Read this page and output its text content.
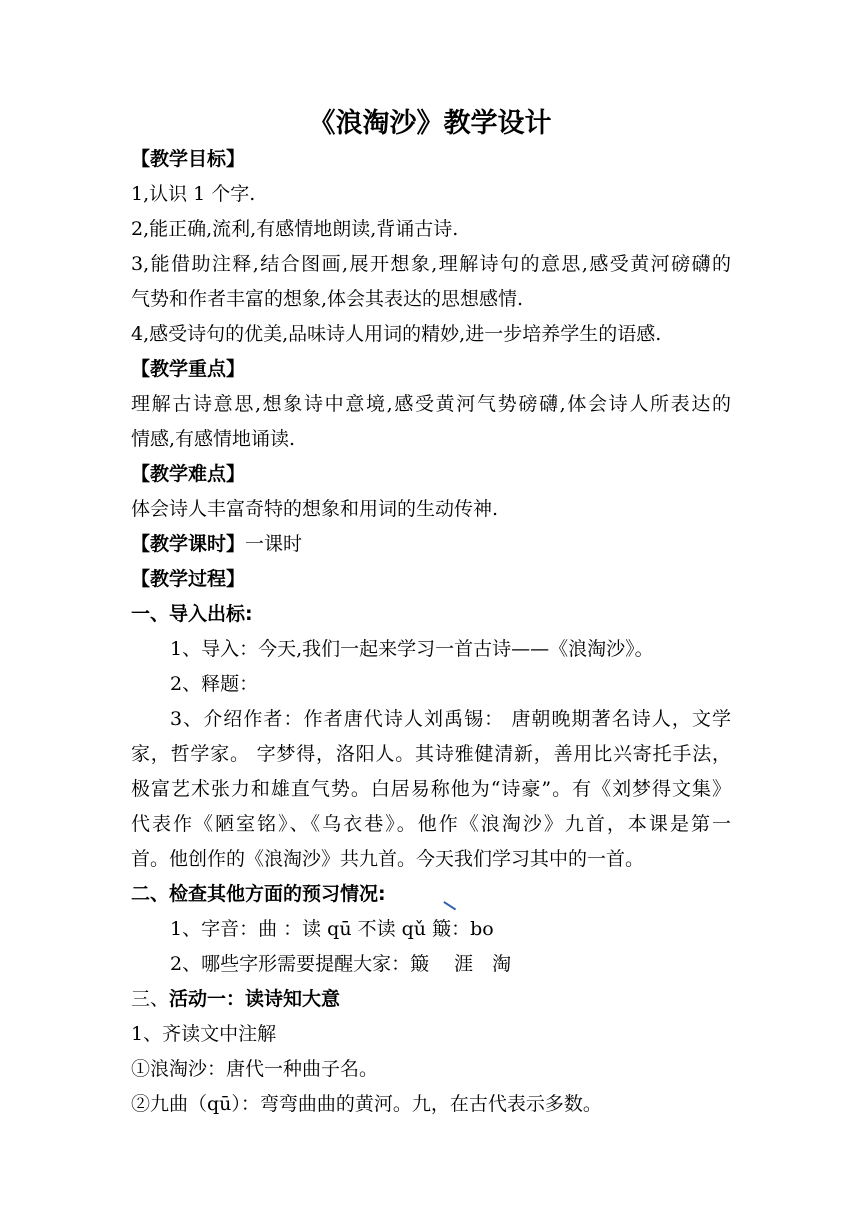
《浪淘沙》教学设计
【教学目标】
1,认识 1 个字.
2,能正确,流利,有感情地朗读,背诵古诗.
3,能借助注释,结合图画,展开想象,理解诗句的意思,感受黄河磅礴的
气势和作者丰富的想象,体会其表达的思想感情.
4,感受诗句的优美,品味诗人用词的精妙,进一步培养学生的语感.
【教学重点】
理解古诗意思,想象诗中意境,感受黄河气势磅礴,体会诗人所表达的
情感,有感情地诵读.
【教学难点】
体会诗人丰富奇特的想象和用词的生动传神.
【教学课时】一课时
【教学过程】
一、导入出标:
1、导入：今天,我们一起来学习一首古诗——《浪淘沙》。
2、释题：
3、介绍作者：作者唐代诗人刘禹锡： 唐朝晚期著名诗人，文学
家，哲学家。 字梦得，洛阳人。其诗雅健清新，善用比兴寄托手法，
极富艺术张力和雄直气势。白居易称他为“诗豪”。有《刘梦得文集》
代表作《陋室铭》、《乌衣巷》。他作《浪淘沙》九首，本课是第一
首。他创作的《浪淘沙》共九首。今天我们学习其中的一首。
二、检查其他方面的预习情况:
1、字音：曲 ：读 qū 不读 qǔ 簸：bo
2、哪些字形需要提醒大家：簸　 涯　淘
三、活动一：读诗知大意
1、齐读文中注解
①浪淘沙：唐代一种曲子名。
②九曲（qū）：弯弯曲曲的黄河。九，在古代表示多数。
